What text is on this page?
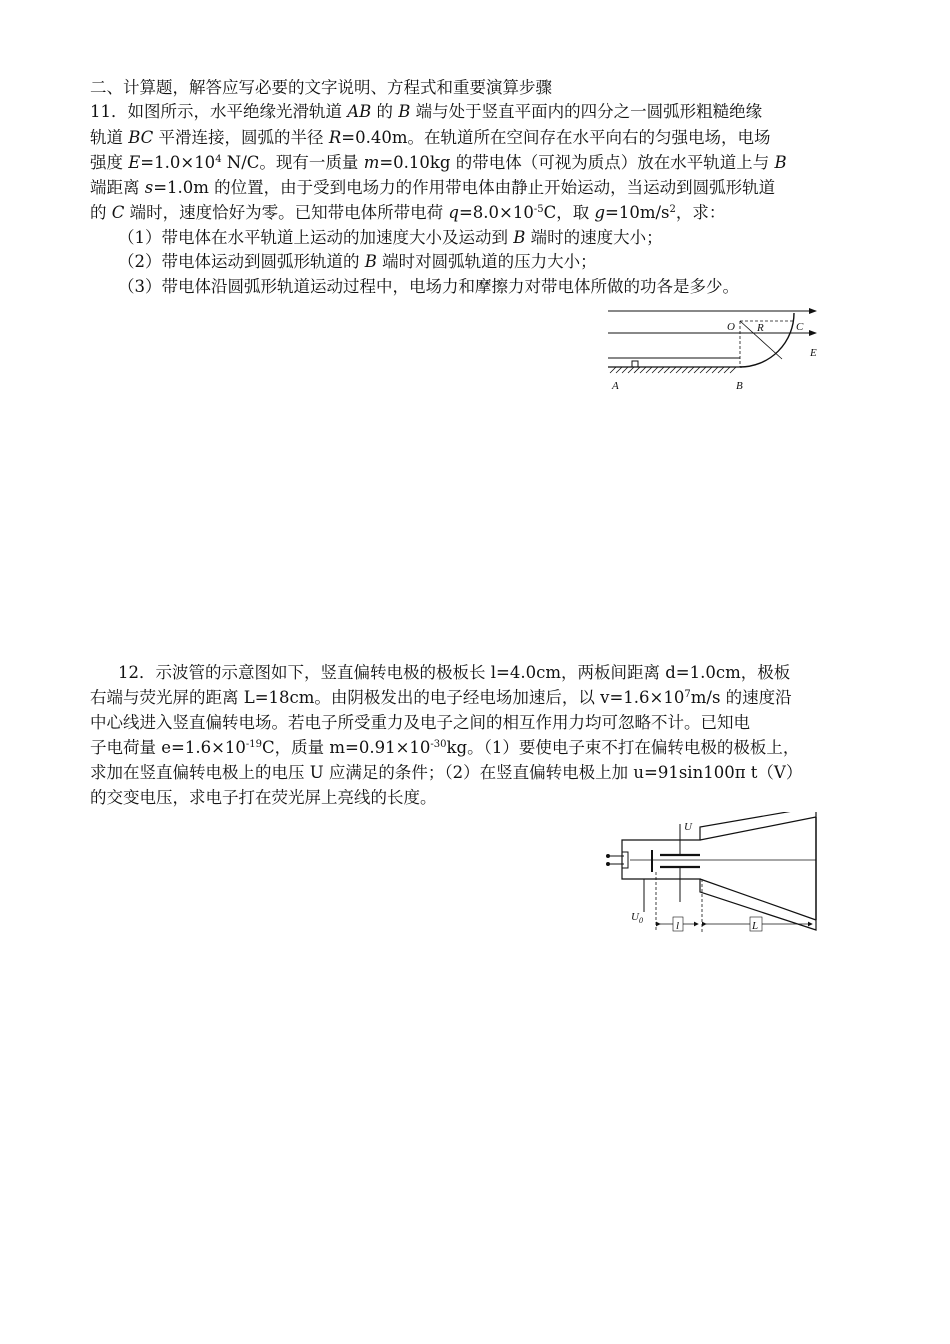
二、计算题，解答应写必要的文字说明、方程式和重要演算步骤
11．如图所示，水平绝缘光滑轨道 AB 的 B 端与处于竖直平面内的四分之一圆弧形粗糙绝缘
轨道 BC 平滑连接，圆弧的半径 R=0.40m。在轨道所在空间存在水平向右的匀强电场，电场
强度 $E=1.0\times 10^4$ N/C。现有一质量 m=0.10kg 的带电体（可视为质点）放在水平轨道上与 B
端距离 s=1.0m 的位置，由于受到电场力的作用带电体由静止开始运动，当运动到圆弧形轨道
的 C 端时，速度恰好为零。已知带电体所带电荷 $q=8.0\times 10^{-5}C$，取 $g=10m/s^2$，求：
（1）带电体在水平轨道上运动的加速度大小及运动到 B 端时的速度大小；
（2）带电体运动到圆弧形轨道的 B 端时对圆弧轨道的压力大小；
（3）带电体沿圆弧形轨道运动过程中，电场力和摩擦力对带电体所做的功各是多少。
O R	C
E
A	B
12．示波管的示意图如下，竖直偏转电极的极板长 l=4.0cm，两板间距离 d=1.0cm，极板
右端与荧光屏的距离 L=18cm。由阴极发出的电子经电场加速后，以 $v=1.6\times 10^7m/s$ 的速度沿
中心线进入竖直偏转电场。若电子所受重力及电子之间的相互作用力均可忽略不计。已知电
子电荷量 $e=1.6\times 10^{-19}C$，质量 $m=0.91\times 10^{-30}kg$。（1）要使电子束不打在偏转电极的极板上，
求加在竖直偏转电极上的电压 U 应满足的条件；（2）在竖直偏转电极上加 u=91sin100π t（V）
的交变电压，求电子打在荧光屏上亮线的长度。
U
$U_0$	l	L
